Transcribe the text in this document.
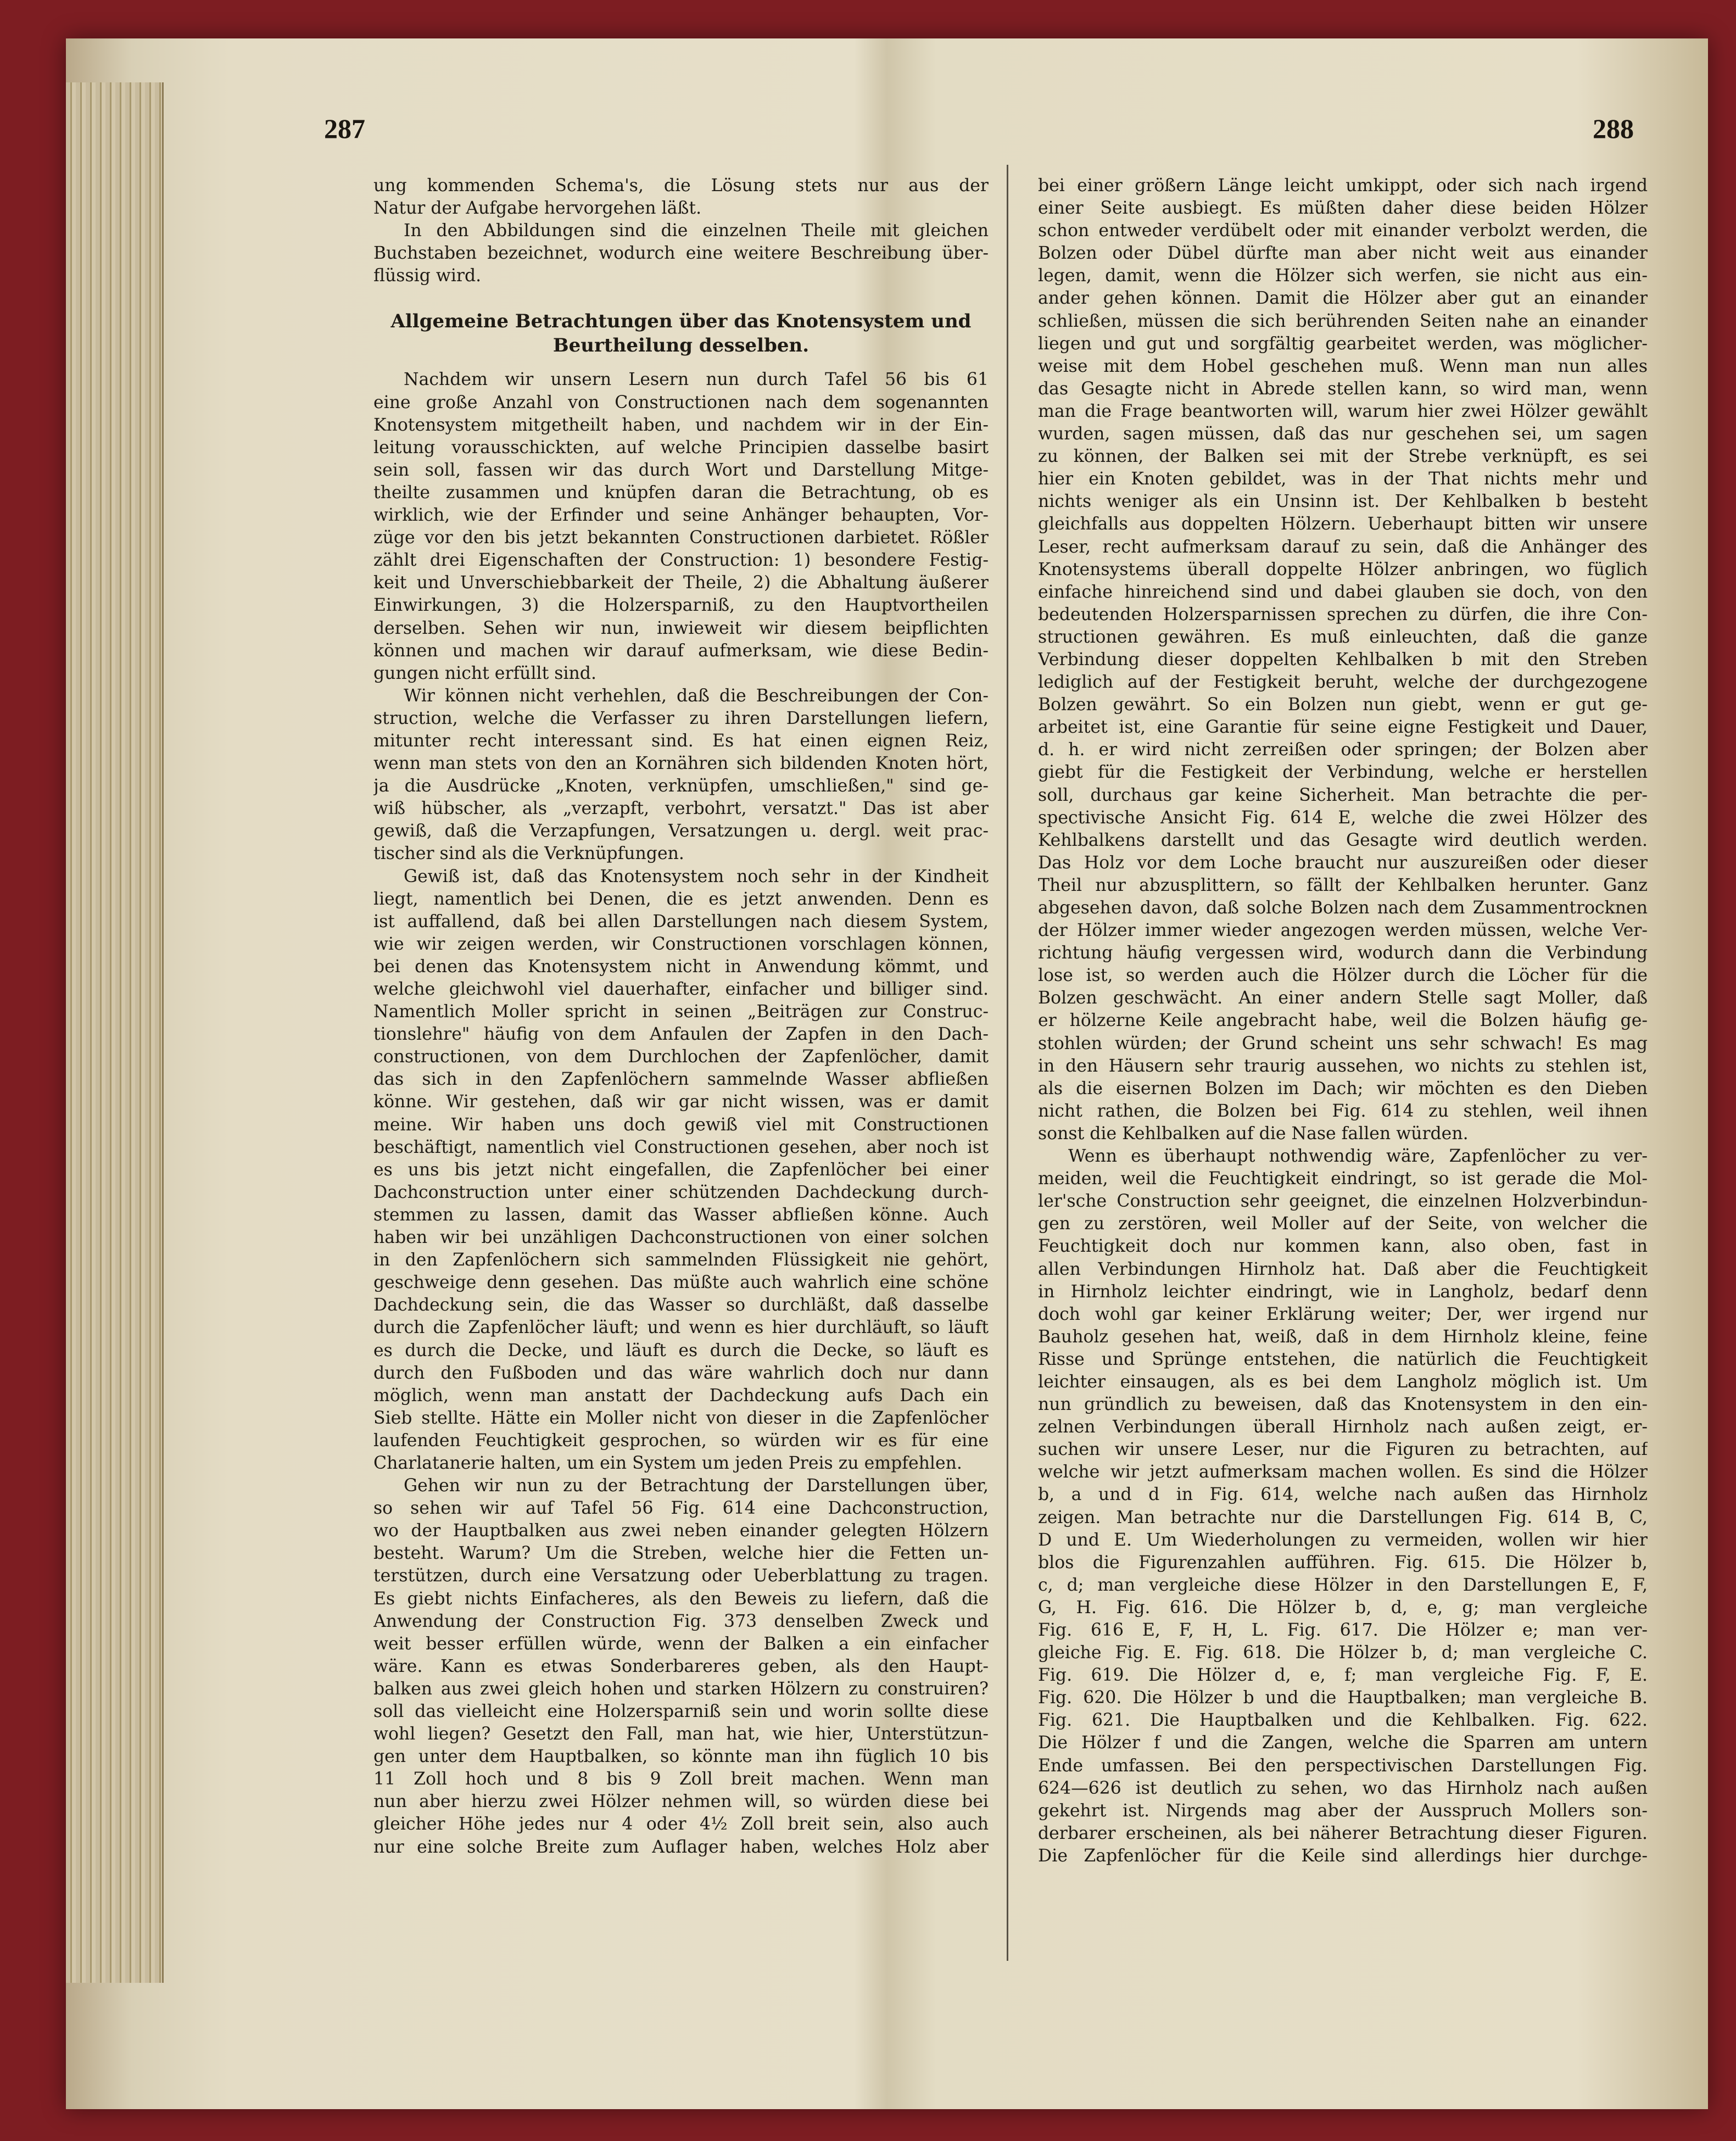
287	288
ung kommenden Schema's, die Lösung stets nur aus der
Natur der Aufgabe hervorgehen läßt.
In den Abbildungen sind die einzelnen Theile mit gleichen
Buchstaben bezeichnet, wodurch eine weitere Beschreibung über-
flüssig wird.
Allgemeine Betrachtungen über das Knotensystem und
Beurtheilung desselben.
Nachdem wir unsern Lesern nun durch Tafel 56 bis 61
eine große Anzahl von Constructionen nach dem sogenannten
Knotensystem mitgetheilt haben, und nachdem wir in der Ein-
leitung vorausschickten, auf welche Principien dasselbe basirt
sein soll, fassen wir das durch Wort und Darstellung Mitge-
theilte zusammen und knüpfen daran die Betrachtung, ob es
wirklich, wie der Erfinder und seine Anhänger behaupten, Vor-
züge vor den bis jetzt bekannten Constructionen darbietet. Rößler
zählt drei Eigenschaften der Construction: 1) besondere Festig-
keit und Unverschiebbarkeit der Theile, 2) die Abhaltung äußerer
Einwirkungen, 3) die Holzersparniß, zu den Hauptvortheilen
derselben. Sehen wir nun, inwieweit wir diesem beipflichten
können und machen wir darauf aufmerksam, wie diese Bedin-
gungen nicht erfüllt sind.
Wir können nicht verhehlen, daß die Beschreibungen der Con-
struction, welche die Verfasser zu ihren Darstellungen liefern,
mitunter recht interessant sind. Es hat einen eignen Reiz,
wenn man stets von den an Kornähren sich bildenden Knoten hört,
ja die Ausdrücke „Knoten, verknüpfen, umschließen," sind ge-
wiß hübscher, als „verzapft, verbohrt, versatzt." Das ist aber
gewiß, daß die Verzapfungen, Versatzungen u. dergl. weit prac-
tischer sind als die Verknüpfungen.
Gewiß ist, daß das Knotensystem noch sehr in der Kindheit
liegt, namentlich bei Denen, die es jetzt anwenden. Denn es
ist auffallend, daß bei allen Darstellungen nach diesem System,
wie wir zeigen werden, wir Constructionen vorschlagen können,
bei denen das Knotensystem nicht in Anwendung kömmt, und
welche gleichwohl viel dauerhafter, einfacher und billiger sind.
Namentlich Moller spricht in seinen „Beiträgen zur Construc-
tionslehre" häufig von dem Anfaulen der Zapfen in den Dach-
constructionen, von dem Durchlochen der Zapfenlöcher, damit
das sich in den Zapfenlöchern sammelnde Wasser abfließen
könne. Wir gestehen, daß wir gar nicht wissen, was er damit
meine. Wir haben uns doch gewiß viel mit Constructionen
beschäftigt, namentlich viel Constructionen gesehen, aber noch ist
es uns bis jetzt nicht eingefallen, die Zapfenlöcher bei einer
Dachconstruction unter einer schützenden Dachdeckung durch-
stemmen zu lassen, damit das Wasser abfließen könne. Auch
haben wir bei unzähligen Dachconstructionen von einer solchen
in den Zapfenlöchern sich sammelnden Flüssigkeit nie gehört,
geschweige denn gesehen. Das müßte auch wahrlich eine schöne
Dachdeckung sein, die das Wasser so durchläßt, daß dasselbe
durch die Zapfenlöcher läuft; und wenn es hier durchläuft, so läuft
es durch die Decke, und läuft es durch die Decke, so läuft es
durch den Fußboden und das wäre wahrlich doch nur dann
möglich, wenn man anstatt der Dachdeckung aufs Dach ein
Sieb stellte. Hätte ein Moller nicht von dieser in die Zapfenlöcher
laufenden Feuchtigkeit gesprochen, so würden wir es für eine
Charlatanerie halten, um ein System um jeden Preis zu empfehlen.
Gehen wir nun zu der Betrachtung der Darstellungen über,
so sehen wir auf Tafel 56 Fig. 614 eine Dachconstruction,
wo der Hauptbalken aus zwei neben einander gelegten Hölzern
besteht. Warum? Um die Streben, welche hier die Fetten un-
terstützen, durch eine Versatzung oder Ueberblattung zu tragen.
Es giebt nichts Einfacheres, als den Beweis zu liefern, daß die
Anwendung der Construction Fig. 373 denselben Zweck und
weit besser erfüllen würde, wenn der Balken a ein einfacher
wäre. Kann es etwas Sonderbareres geben, als den Haupt-
balken aus zwei gleich hohen und starken Hölzern zu construiren?
soll das vielleicht eine Holzersparniß sein und worin sollte diese
wohl liegen? Gesetzt den Fall, man hat, wie hier, Unterstützun-
gen unter dem Hauptbalken, so könnte man ihn füglich 10 bis
11 Zoll hoch und 8 bis 9 Zoll breit machen. Wenn man
nun aber hierzu zwei Hölzer nehmen will, so würden diese bei
gleicher Höhe jedes nur 4 oder 4½ Zoll breit sein, also auch
nur eine solche Breite zum Auflager haben, welches Holz aber
bei einer größern Länge leicht umkippt, oder sich nach irgend
einer Seite ausbiegt. Es müßten daher diese beiden Hölzer
schon entweder verdübelt oder mit einander verbolzt werden, die
Bolzen oder Dübel dürfte man aber nicht weit aus einander
legen, damit, wenn die Hölzer sich werfen, sie nicht aus ein-
ander gehen können. Damit die Hölzer aber gut an einander
schließen, müssen die sich berührenden Seiten nahe an einander
liegen und gut und sorgfältig gearbeitet werden, was möglicher-
weise mit dem Hobel geschehen muß. Wenn man nun alles
das Gesagte nicht in Abrede stellen kann, so wird man, wenn
man die Frage beantworten will, warum hier zwei Hölzer gewählt
wurden, sagen müssen, daß das nur geschehen sei, um sagen
zu können, der Balken sei mit der Strebe verknüpft, es sei
hier ein Knoten gebildet, was in der That nichts mehr und
nichts weniger als ein Unsinn ist. Der Kehlbalken b besteht
gleichfalls aus doppelten Hölzern. Ueberhaupt bitten wir unsere
Leser, recht aufmerksam darauf zu sein, daß die Anhänger des
Knotensystems überall doppelte Hölzer anbringen, wo füglich
einfache hinreichend sind und dabei glauben sie doch, von den
bedeutenden Holzersparnissen sprechen zu dürfen, die ihre Con-
structionen gewähren. Es muß einleuchten, daß die ganze
Verbindung dieser doppelten Kehlbalken b mit den Streben
lediglich auf der Festigkeit beruht, welche der durchgezogene
Bolzen gewährt. So ein Bolzen nun giebt, wenn er gut ge-
arbeitet ist, eine Garantie für seine eigne Festigkeit und Dauer,
d. h. er wird nicht zerreißen oder springen; der Bolzen aber
giebt für die Festigkeit der Verbindung, welche er herstellen
soll, durchaus gar keine Sicherheit. Man betrachte die per-
spectivische Ansicht Fig. 614 E, welche die zwei Hölzer des
Kehlbalkens darstellt und das Gesagte wird deutlich werden.
Das Holz vor dem Loche braucht nur auszureißen oder dieser
Theil nur abzusplittern, so fällt der Kehlbalken herunter. Ganz
abgesehen davon, daß solche Bolzen nach dem Zusammentrocknen
der Hölzer immer wieder angezogen werden müssen, welche Ver-
richtung häufig vergessen wird, wodurch dann die Verbindung
lose ist, so werden auch die Hölzer durch die Löcher für die
Bolzen geschwächt. An einer andern Stelle sagt Moller, daß
er hölzerne Keile angebracht habe, weil die Bolzen häufig ge-
stohlen würden; der Grund scheint uns sehr schwach! Es mag
in den Häusern sehr traurig aussehen, wo nichts zu stehlen ist,
als die eisernen Bolzen im Dach; wir möchten es den Dieben
nicht rathen, die Bolzen bei Fig. 614 zu stehlen, weil ihnen
sonst die Kehlbalken auf die Nase fallen würden.
Wenn es überhaupt nothwendig wäre, Zapfenlöcher zu ver-
meiden, weil die Feuchtigkeit eindringt, so ist gerade die Mol-
ler'sche Construction sehr geeignet, die einzelnen Holzverbindun-
gen zu zerstören, weil Moller auf der Seite, von welcher die
Feuchtigkeit doch nur kommen kann, also oben, fast in
allen Verbindungen Hirnholz hat. Daß aber die Feuchtigkeit
in Hirnholz leichter eindringt, wie in Langholz, bedarf denn
doch wohl gar keiner Erklärung weiter; Der, wer irgend nur
Bauholz gesehen hat, weiß, daß in dem Hirnholz kleine, feine
Risse und Sprünge entstehen, die natürlich die Feuchtigkeit
leichter einsaugen, als es bei dem Langholz möglich ist. Um
nun gründlich zu beweisen, daß das Knotensystem in den ein-
zelnen Verbindungen überall Hirnholz nach außen zeigt, er-
suchen wir unsere Leser, nur die Figuren zu betrachten, auf
welche wir jetzt aufmerksam machen wollen. Es sind die Hölzer
b, a und d in Fig. 614, welche nach außen das Hirnholz
zeigen. Man betrachte nur die Darstellungen Fig. 614 B, C,
D und E. Um Wiederholungen zu vermeiden, wollen wir hier
blos die Figurenzahlen aufführen. Fig. 615. Die Hölzer b,
c, d; man vergleiche diese Hölzer in den Darstellungen E, F,
G, H. Fig. 616. Die Hölzer b, d, e, g; man vergleiche
Fig. 616 E, F, H, L. Fig. 617. Die Hölzer e; man ver-
gleiche Fig. E. Fig. 618. Die Hölzer b, d; man vergleiche C.
Fig. 619. Die Hölzer d, e, f; man vergleiche Fig. F, E.
Fig. 620. Die Hölzer b und die Hauptbalken; man vergleiche B.
Fig. 621. Die Hauptbalken und die Kehlbalken. Fig. 622.
Die Hölzer f und die Zangen, welche die Sparren am untern
Ende umfassen. Bei den perspectivischen Darstellungen Fig.
624—626 ist deutlich zu sehen, wo das Hirnholz nach außen
gekehrt ist. Nirgends mag aber der Ausspruch Mollers son-
derbarer erscheinen, als bei näherer Betrachtung dieser Figuren.
Die Zapfenlöcher für die Keile sind allerdings hier durchge-
